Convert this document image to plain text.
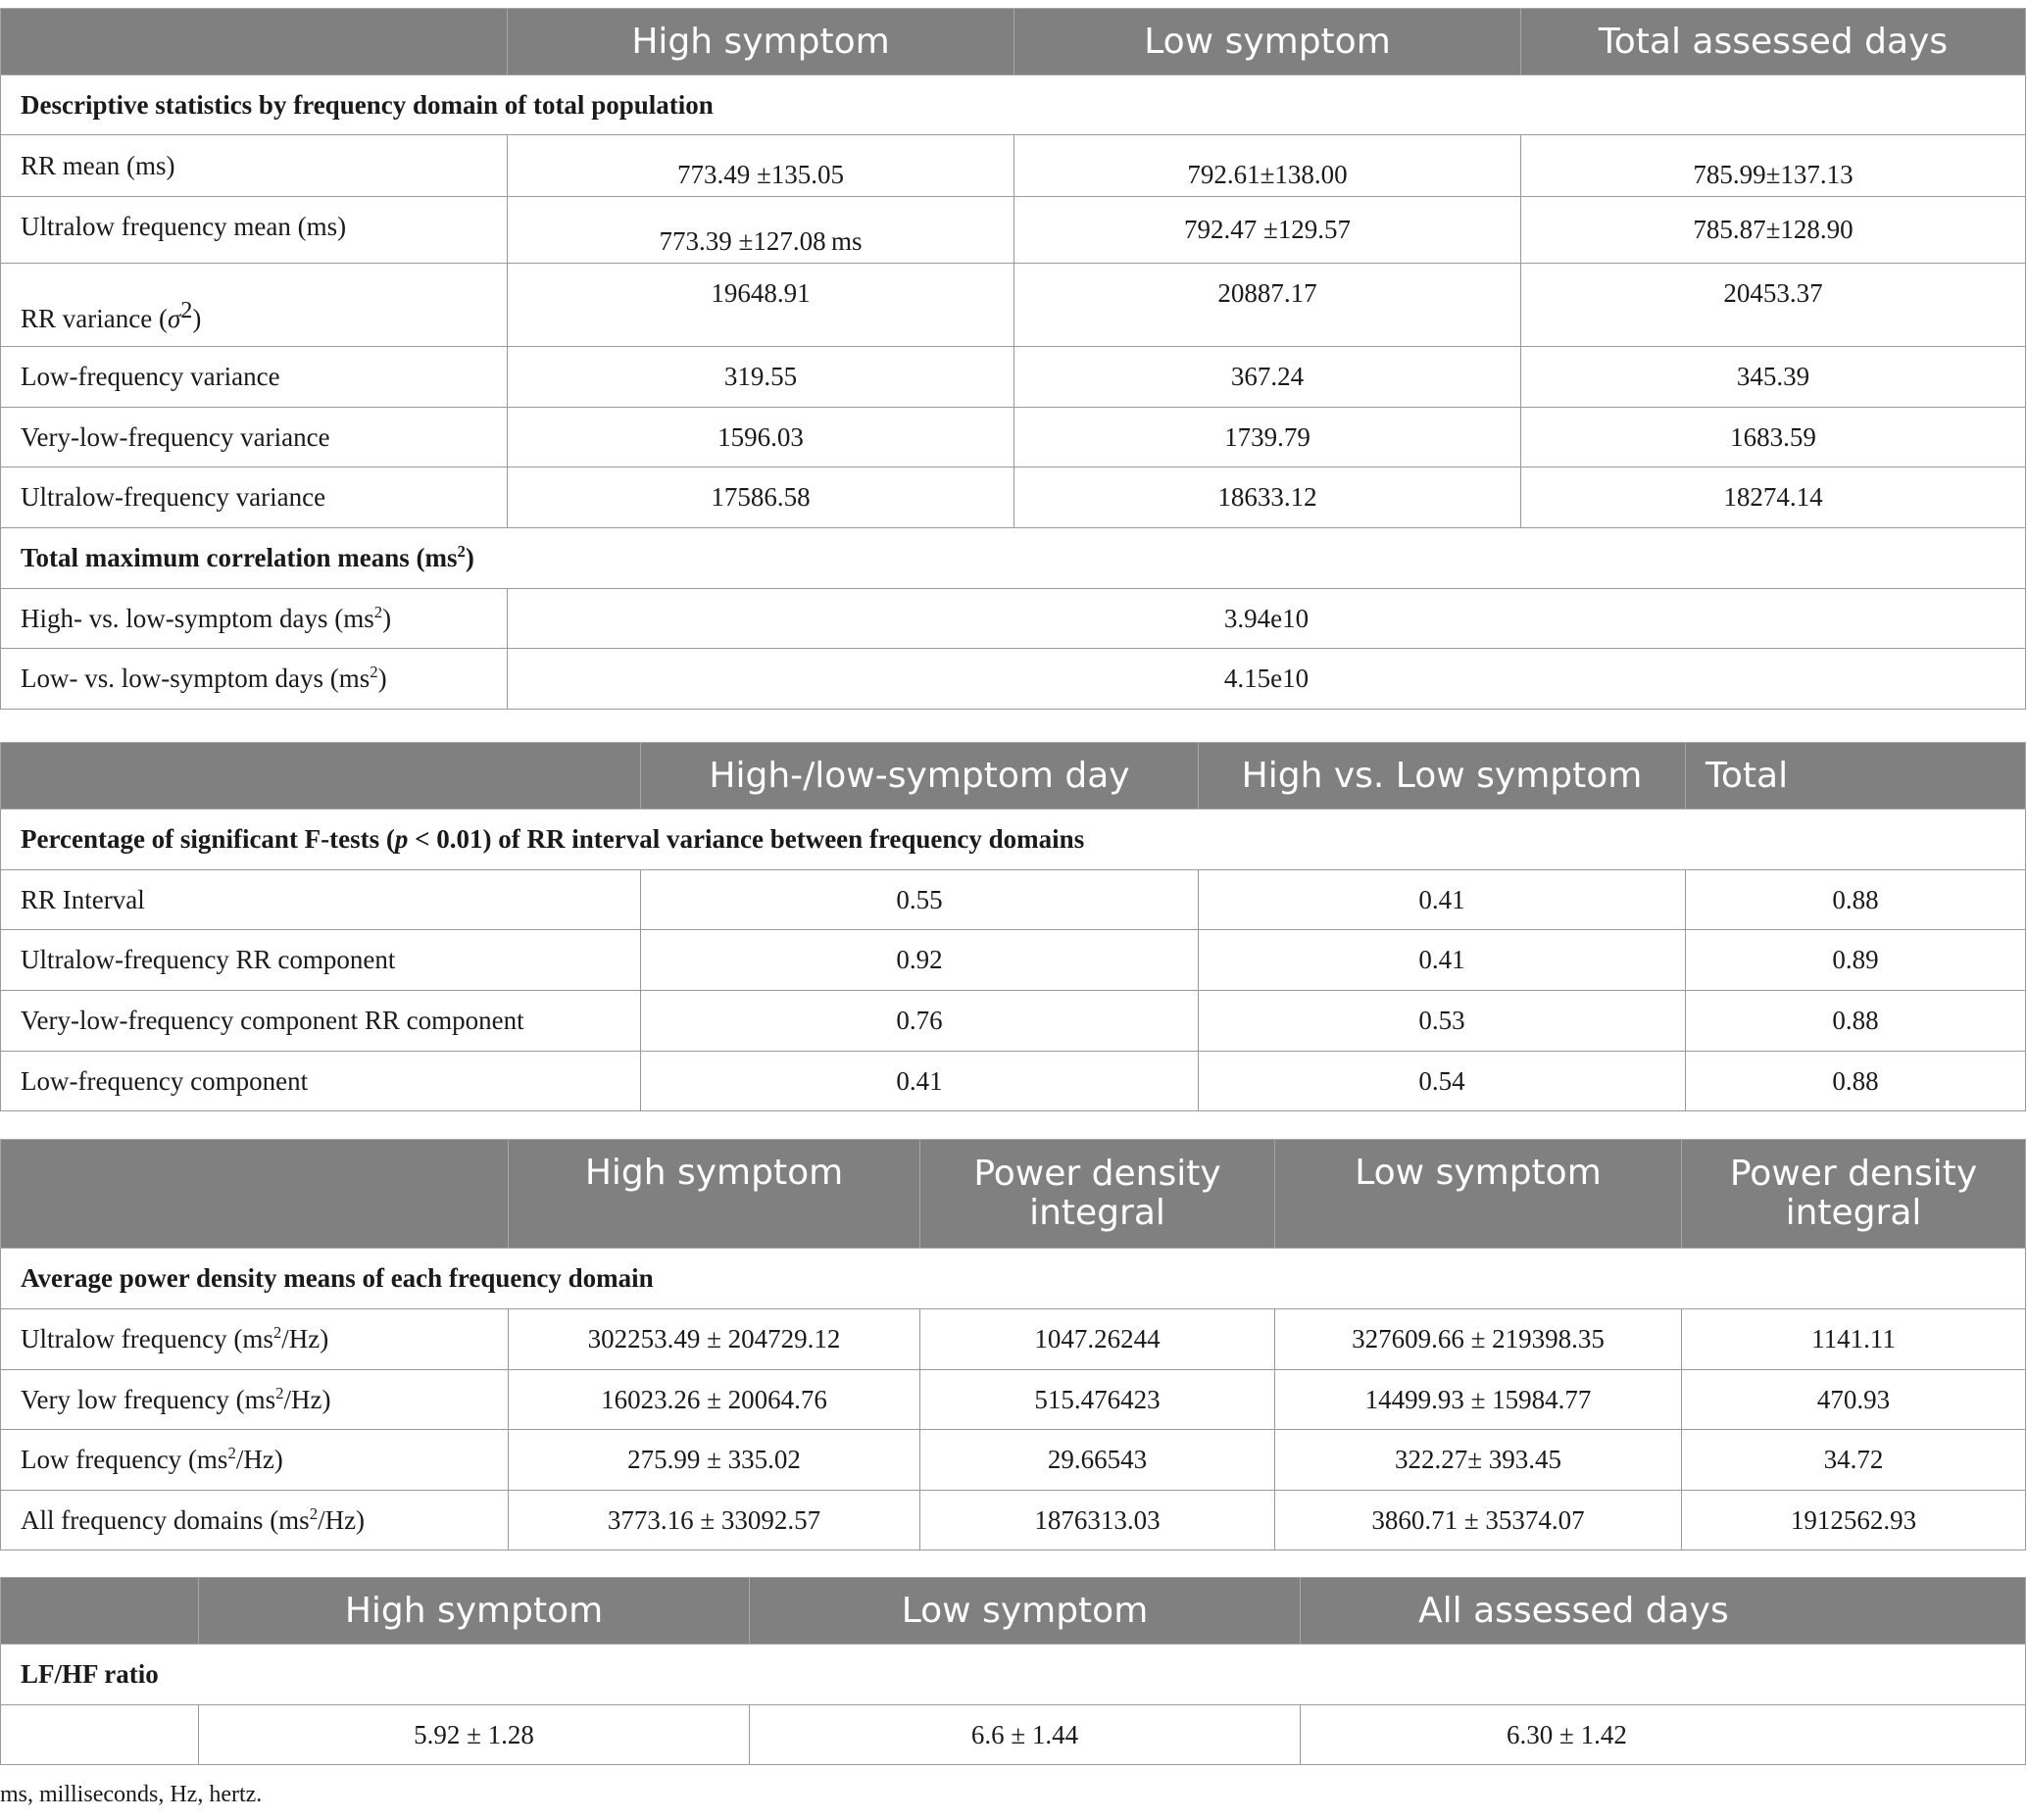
	High symptom	Low symptom	Total assessed days
Descriptive statistics by frequency domain of total population			
RR mean (ms)	773.49 ±135.05	792.61±138.00	785.99±137.13
Ultralow frequency mean (ms)	773.39 ±127.08 ms	792.47 ±129.57	785.87±128.90
RR variance $(\sigma^2)$	19648.91	20887.17	20453.37
Low-frequency variance	319.55	367.24	345.39
Very-low-frequency variance	1596.03	1739.79	1683.59
Ultralow-frequency variance	17586.58	18633.12	18274.14
Total maximum correlation means $(ms^2)$			
High- vs. low-symptom days $(ms^2)$	3.94e10		
Low- vs. low-symptom days $(ms^2)$	4.15e10		
	High-/low-symptom day	High vs. Low symptom	Total
Percentage of significant F-tests (p < 0.01) of RR interval variance between frequency domains			
RR Interval	0.55	0.41	0.88
Ultralow-frequency RR component	0.92	0.41	0.89
Very-low-frequency component RR component	0.76	0.53	0.88
Low-frequency component	0.41	0.54	0.88
	High symptom	Power density integral	Low symptom	Power density integral
Average power density means of each frequency domain				
Ultralow frequency $(ms^2/Hz)$	302253.49 ± 204729.12	1047.26244	327609.66 ± 219398.35	1141.11
Very low frequency $(ms^2/Hz)$	16023.26 ± 20064.76	515.476423	14499.93 ± 15984.77	470.93
Low frequency $(ms^2/Hz)$	275.99 ± 335.02	29.66543	322.27± 393.45	34.72
All frequency domains $(ms^2/Hz)$	3773.16 ± 33092.57	1876313.03	3860.71 ± 35374.07	1912562.93
	High symptom	Low symptom	All assessed days
LF/HF ratio			
	5.92 ± 1.28	6.6 ± 1.44	6.30 ± 1.42
ms, milliseconds, Hz, hertz.
